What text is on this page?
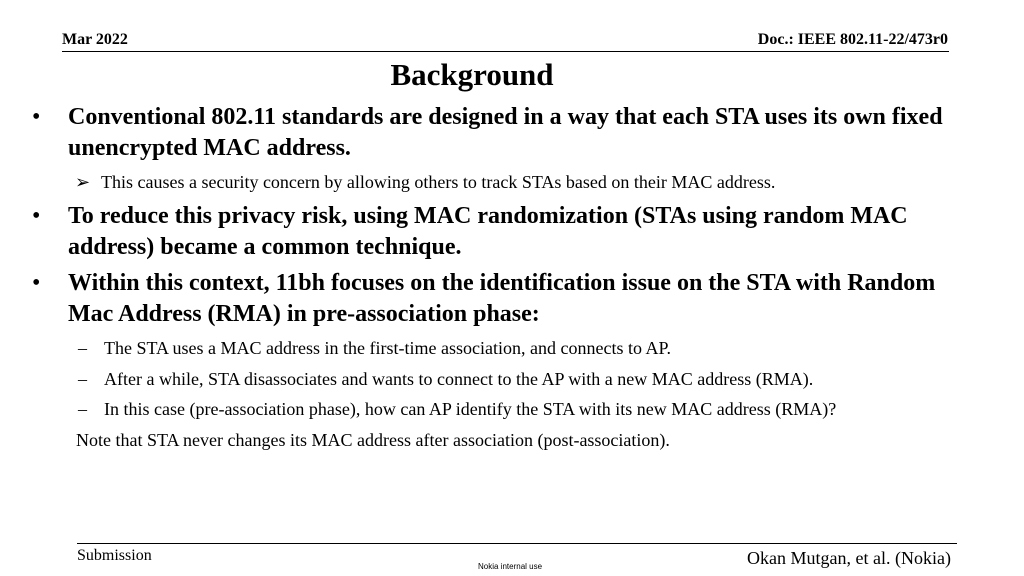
Mar 2022	Doc.: IEEE 802.11-22/473r0
Background
•	Conventional 802.11 standards are designed in a way that each STA uses its own fixed unencrypted MAC address.
➢ This causes a security concern by allowing others to track STAs based on their MAC address.
•	To reduce this privacy risk, using MAC randomization (STAs using random MAC address) became a common technique.
•	Within this context, 11bh focuses on the identification issue on the STA with Random Mac Address (RMA) in pre-association phase:
– The STA uses a MAC address in the first-time association, and connects to AP.
– After a while, STA disassociates and wants to connect to the AP with a new MAC address (RMA).
– In this case (pre-association phase), how can AP identify the STA with its new MAC address (RMA)?
Note that STA never changes its MAC address after association (post-association).
Submission
Nokia internal use	Okan Mutgan, et al. (Nokia)
